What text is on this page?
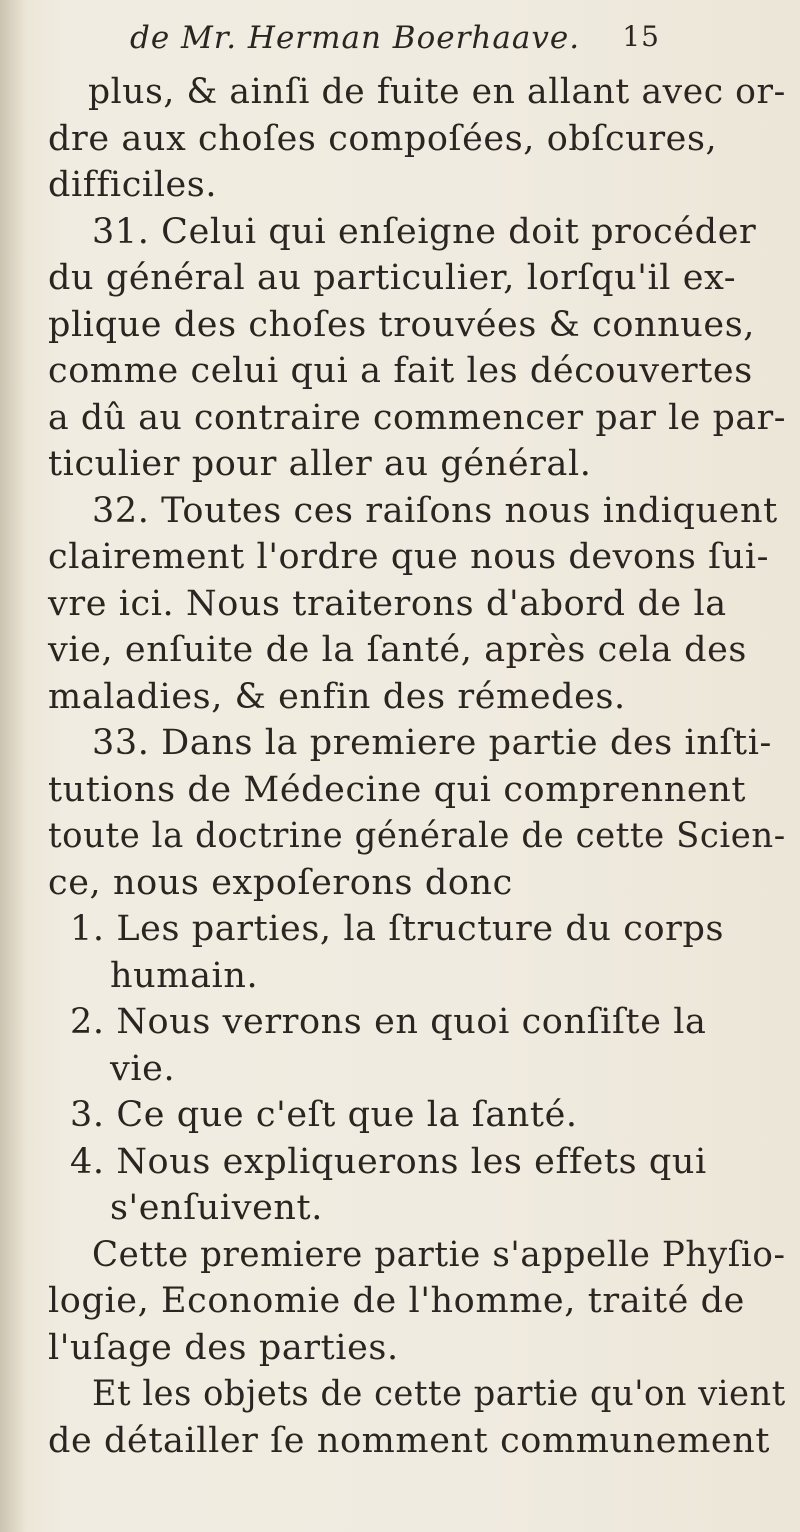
de Mr. Herman Boerhaave. 15
plus, & ainſi de fuite en allant avec or-
dre aux choſes compoſées, obſcures,
difficiles.
31. Celui qui enſeigne doit procéder
du général au particulier, lorſqu'il ex-
plique des choſes trouvées & connues,
comme celui qui a fait les découvertes
a dû au contraire commencer par le par-
ticulier pour aller au général.
32. Toutes ces raiſons nous indiquent
clairement l'ordre que nous devons ſui-
vre ici. Nous traiterons d'abord de la
vie, enſuite de la ſanté, après cela des
maladies, & enfin des rémedes.
33. Dans la premiere partie des inſti-
tutions de Médecine qui comprennent
toute la doctrine générale de cette Scien-
ce, nous expoſerons donc
1. Les parties, la ſtructure du corps
humain.
2. Nous verrons en quoi conſiſte la
vie.
3. Ce que c'eſt que la ſanté.
4. Nous expliquerons les effets qui
s'enſuivent.
Cette premiere partie s'appelle Phyſio-
logie, Economie de l'homme, traité de
l'uſage des parties.
Et les objets de cette partie qu'on vient
de détailler ſe nomment communement
